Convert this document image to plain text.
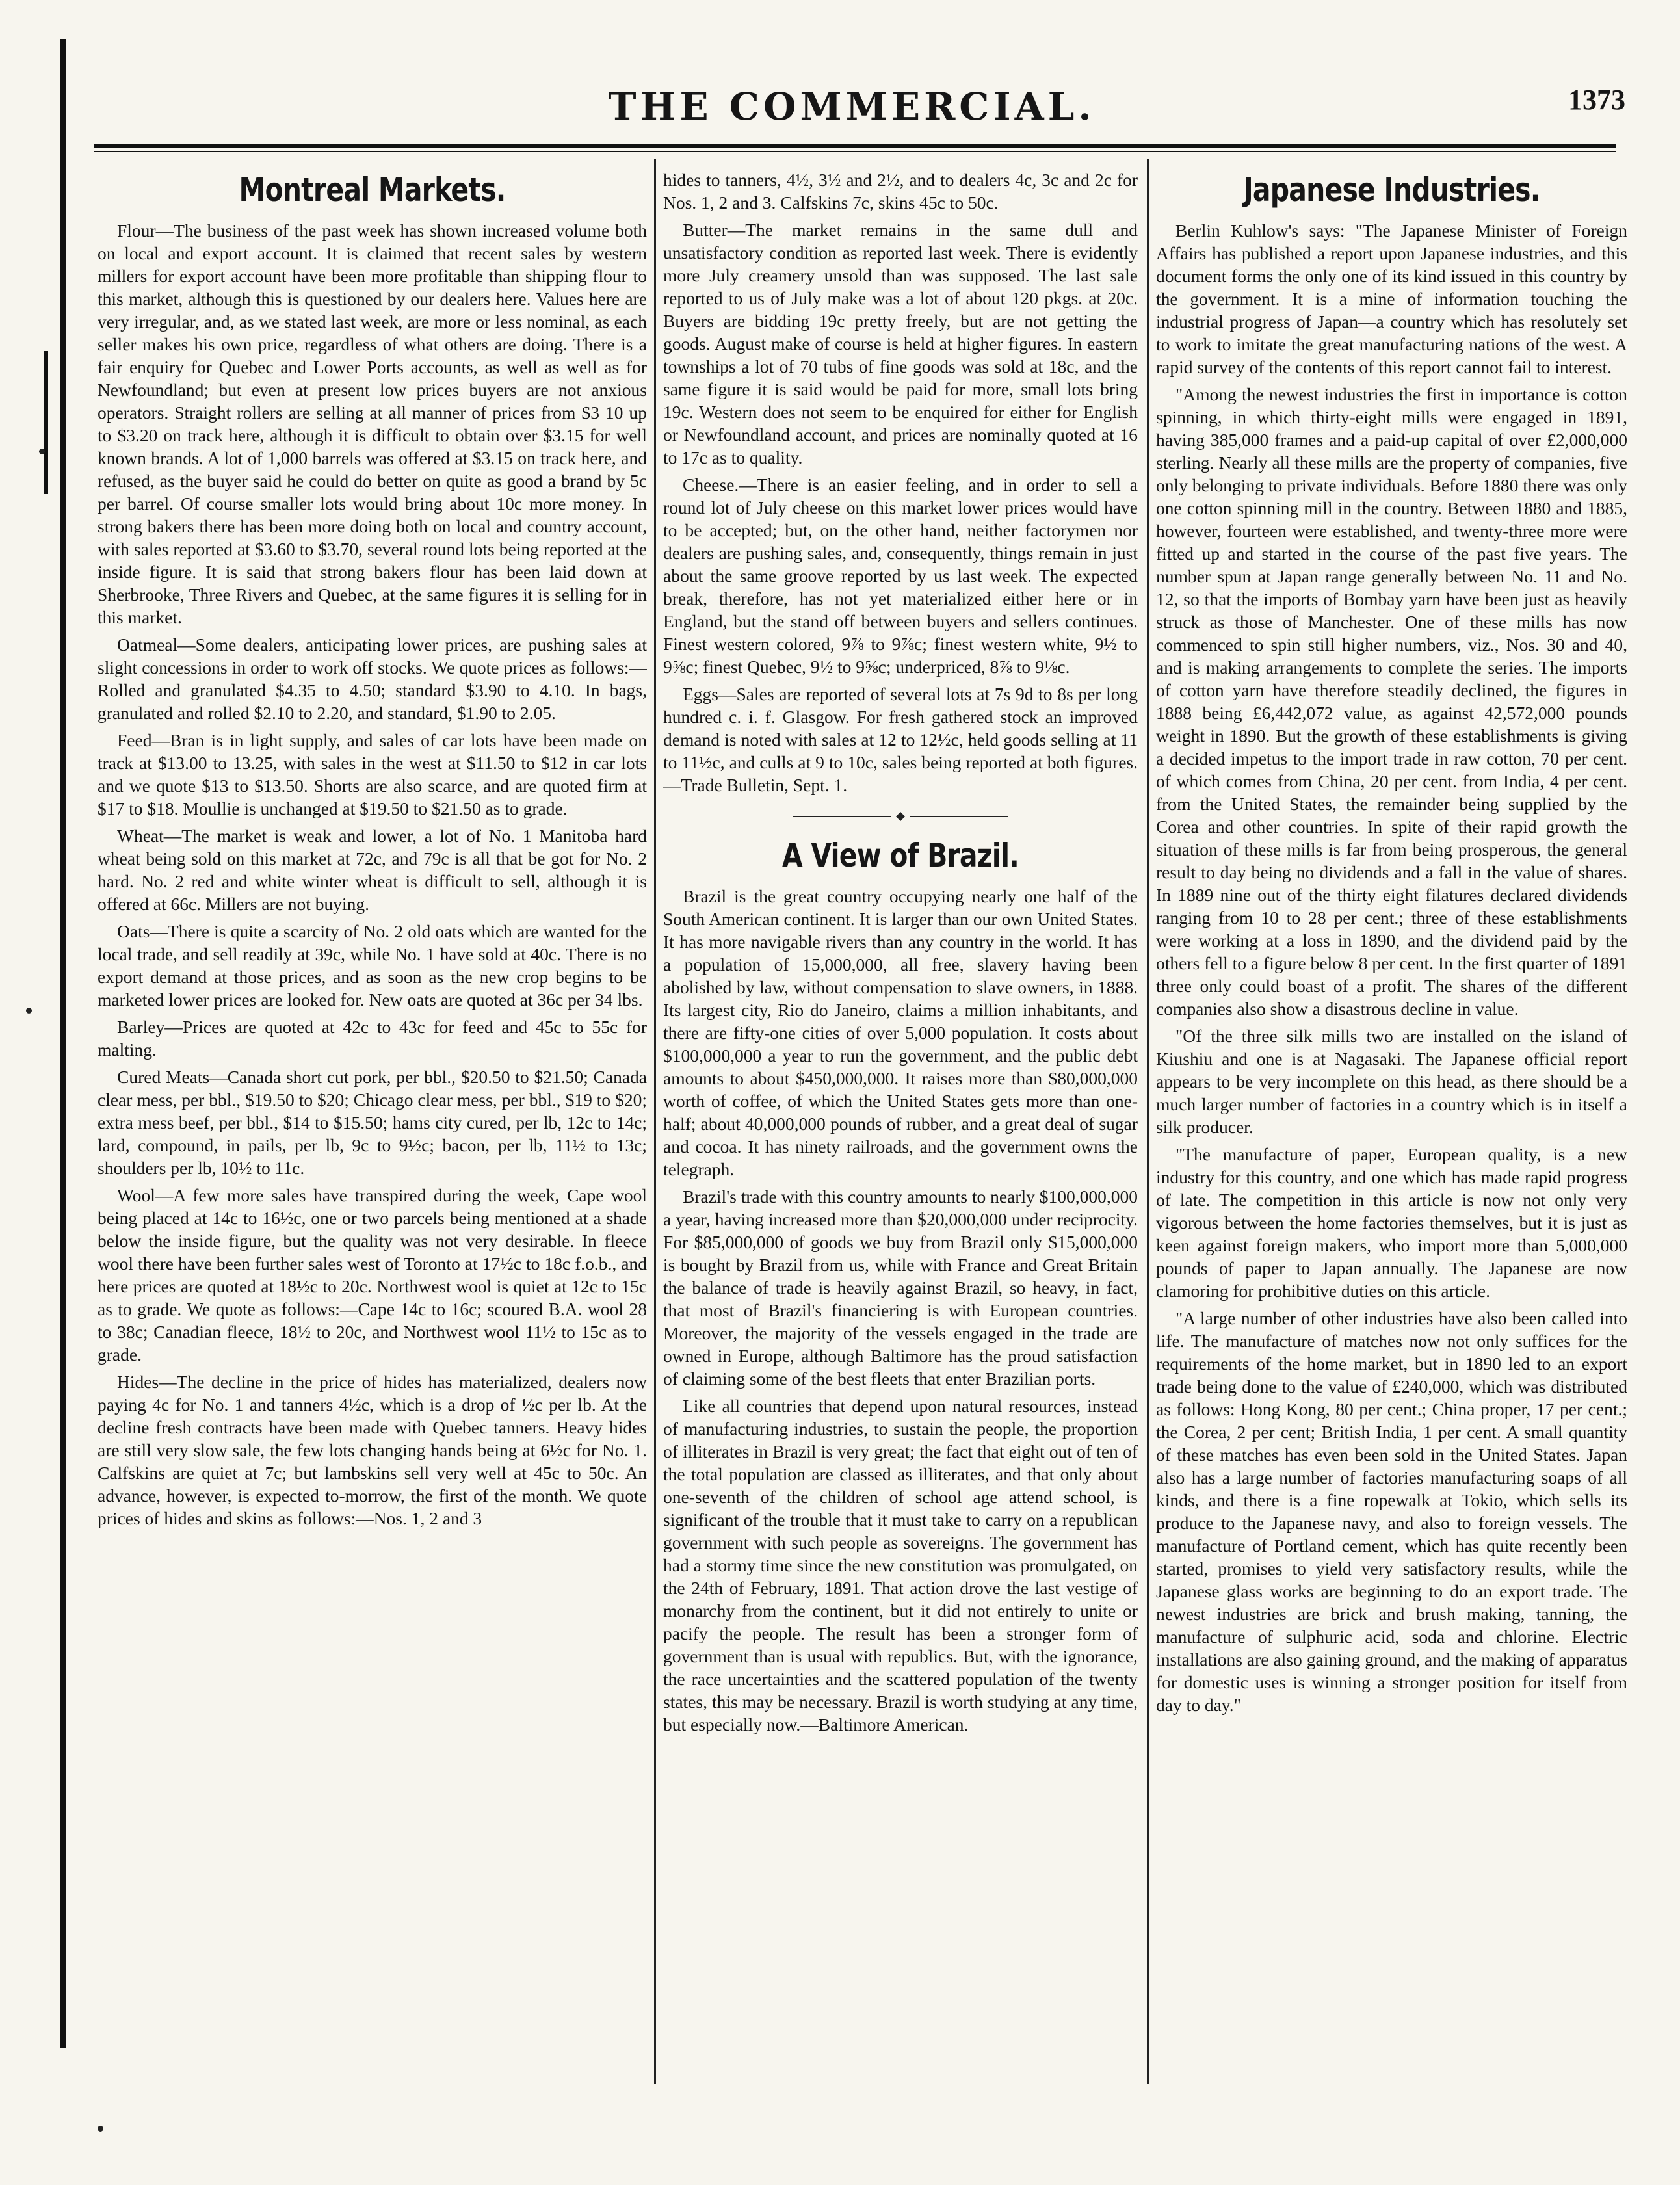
THE COMMERCIAL.	1373
Montreal Markets.

Flour—The business of the past week has shown increased volume both on local and export account. It is claimed that recent sales by western millers for export account have been more profitable than shipping flour to this market, although this is questioned by our dealers here. Values here are very irregular, and, as we stated last week, are more or less nominal, as each seller makes his own price, regardless of what others are doing. There is a fair enquiry for Quebec and Lower Ports accounts, as well as well as for Newfoundland; but even at present low prices buyers are not anxious operators. Straight rollers are selling at all manner of prices from $3 10 up to $3.20 on track here, although it is difficult to obtain over $3.15 for well known brands. A lot of 1,000 barrels was offered at $3.15 on track here, and refused, as the buyer said he could do better on quite as good a brand by 5c per barrel. Of course smaller lots would bring about 10c more money. In strong bakers there has been more doing both on local and country account, with sales reported at $3.60 to $3.70, several round lots being reported at the inside figure. It is said that strong bakers flour has been laid down at Sherbrooke, Three Rivers and Quebec, at the same figures it is selling for in this market.

Oatmeal—Some dealers, anticipating lower prices, are pushing sales at slight concessions in order to work off stocks. We quote prices as follows:—Rolled and granulated $4.35 to 4.50; standard $3.90 to 4.10. In bags, granulated and rolled $2.10 to 2.20, and standard, $1.90 to 2.05.

Feed—Bran is in light supply, and sales of car lots have been made on track at $13.00 to 13.25, with sales in the west at $11.50 to $12 in car lots and we quote $13 to $13.50. Shorts are also scarce, and are quoted firm at $17 to $18. Moullie is unchanged at $19.50 to $21.50 as to grade.

Wheat—The market is weak and lower, a lot of No. 1 Manitoba hard wheat being sold on this market at 72c, and 79c is all that be got for No. 2 hard. No. 2 red and white winter wheat is difficult to sell, although it is offered at 66c. Millers are not buying.

Oats—There is quite a scarcity of No. 2 old oats which are wanted for the local trade, and sell readily at 39c, while No. 1 have sold at 40c. There is no export demand at those prices, and as soon as the new crop begins to be marketed lower prices are looked for. New oats are quoted at 36c per 34 lbs.

Barley—Prices are quoted at 42c to 43c for feed and 45c to 55c for malting.

Cured Meats—Canada short cut pork, per bbl., $20.50 to $21.50; Canada clear mess, per bbl., $19.50 to $20; Chicago clear mess, per bbl., $19 to $20; extra mess beef, per bbl., $14 to $15.50; hams city cured, per lb, 12c to 14c; lard, compound, in pails, per lb, 9c to 9½c; bacon, per lb, 11½ to 13c; shoulders per lb, 10½ to 11c.

Wool—A few more sales have transpired during the week, Cape wool being placed at 14c to 16½c, one or two parcels being mentioned at a shade below the inside figure, but the quality was not very desirable. In fleece wool there have been further sales west of Toronto at 17½c to 18c f.o.b., and here prices are quoted at 18½c to 20c. Northwest wool is quiet at 12c to 15c as to grade. We quote as follows:—Cape 14c to 16c; scoured B.A. wool 28 to 38c; Canadian fleece, 18½ to 20c, and Northwest wool 11½ to 15c as to grade.

Hides—The decline in the price of hides has materialized, dealers now paying 4c for No. 1 and tanners 4½c, which is a drop of ½c per lb. At the decline fresh contracts have been made with Quebec tanners. Heavy hides are still very slow sale, the few lots changing hands being at 6½c for No. 1. Calfskins are quiet at 7c; but lambskins sell very well at 45c to 50c. An advance, however, is expected to-morrow, the first of the month. We quote prices of hides and skins as follows:—Nos. 1, 2 and 3

hides to tanners, 4½, 3½ and 2½, and to dealers 4c, 3c and 2c for Nos. 1, 2 and 3. Calfskins 7c, skins 45c to 50c.

Butter—The market remains in the same dull and unsatisfactory condition as reported last week. There is evidently more July creamery unsold than was supposed. The last sale reported to us of July make was a lot of about 120 pkgs. at 20c. Buyers are bidding 19c pretty freely, but are not getting the goods. August make of course is held at higher figures. In eastern townships a lot of 70 tubs of fine goods was sold at 18c, and the same figure it is said would be paid for more, small lots bring 19c. Western does not seem to be enquired for either for English or Newfoundland account, and prices are nominally quoted at 16 to 17c as to quality.

Cheese.—There is an easier feeling, and in order to sell a round lot of July cheese on this market lower prices would have to be accepted; but, on the other hand, neither factorymen nor dealers are pushing sales, and, consequently, things remain in just about the same groove reported by us last week. The expected break, therefore, has not yet materialized either here or in England, but the stand off between buyers and sellers continues. Finest western colored, 9⅞ to 9⅞c; finest western white, 9½ to 9⅝c; finest Quebec, 9½ to 9⅝c; underpriced, 8⅞ to 9⅛c.

Eggs—Sales are reported of several lots at 7s 9d to 8s per long hundred c. i. f. Glasgow. For fresh gathered stock an improved demand is noted with sales at 12 to 12½c, held goods selling at 11 to 11½c, and culls at 9 to 10c, sales being reported at both figures.—Trade Bulletin, Sept. 1.

A View of Brazil.

Brazil is the great country occupying nearly one half of the South American continent. It is larger than our own United States. It has more navigable rivers than any country in the world. It has a population of 15,000,000, all free, slavery having been abolished by law, without compensation to slave owners, in 1888. Its largest city, Rio do Janeiro, claims a million inhabitants, and there are fifty-one cities of over 5,000 population. It costs about $100,000,000 a year to run the government, and the public debt amounts to about $450,000,000. It raises more than $80,000,000 worth of coffee, of which the United States gets more than one-half; about 40,000,000 pounds of rubber, and a great deal of sugar and cocoa. It has ninety railroads, and the government owns the telegraph.

Brazil's trade with this country amounts to nearly $100,000,000 a year, having increased more than $20,000,000 under reciprocity. For $85,000,000 of goods we buy from Brazil only $15,000,000 is bought by Brazil from us, while with France and Great Britain the balance of trade is heavily against Brazil, so heavy, in fact, that most of Brazil's financiering is with European countries. Moreover, the majority of the vessels engaged in the trade are owned in Europe, although Baltimore has the proud satisfaction of claiming some of the best fleets that enter Brazilian ports.

Like all countries that depend upon natural resources, instead of manufacturing industries, to sustain the people, the proportion of illiterates in Brazil is very great; the fact that eight out of ten of the total population are classed as illiterates, and that only about one-seventh of the children of school age attend school, is significant of the trouble that it must take to carry on a republican government with such people as sovereigns. The government has had a stormy time since the new constitution was promulgated, on the 24th of February, 1891. That action drove the last vestige of monarchy from the continent, but it did not entirely to unite or pacify the people. The result has been a stronger form of government than is usual with republics. But, with the ignorance, the race uncertainties and the scattered population of the twenty states, this may be necessary. Brazil is worth studying at any time, but especially now.—Baltimore American.

Japanese Industries.

Berlin Kuhlow's says: "The Japanese Minister of Foreign Affairs has published a report upon Japanese industries, and this document forms the only one of its kind issued in this country by the government. It is a mine of information touching the industrial progress of Japan—a country which has resolutely set to work to imitate the great manufacturing nations of the west. A rapid survey of the contents of this report cannot fail to interest.

"Among the newest industries the first in importance is cotton spinning, in which thirty-eight mills were engaged in 1891, having 385,000 frames and a paid-up capital of over £2,000,000 sterling. Nearly all these mills are the property of companies, five only belonging to private individuals. Before 1880 there was only one cotton spinning mill in the country. Between 1880 and 1885, however, fourteen were established, and twenty-three more were fitted up and started in the course of the past five years. The number spun at Japan range generally between No. 11 and No. 12, so that the imports of Bombay yarn have been just as heavily struck as those of Manchester. One of these mills has now commenced to spin still higher numbers, viz., Nos. 30 and 40, and is making arrangements to complete the series. The imports of cotton yarn have therefore steadily declined, the figures in 1888 being £6,442,072 value, as against 42,572,000 pounds weight in 1890. But the growth of these establishments is giving a decided impetus to the import trade in raw cotton, 70 per cent. of which comes from China, 20 per cent. from India, 4 per cent. from the United States, the remainder being supplied by the Corea and other countries. In spite of their rapid growth the situation of these mills is far from being prosperous, the general result to day being no dividends and a fall in the value of shares. In 1889 nine out of the thirty eight filatures declared dividends ranging from 10 to 28 per cent.; three of these establishments were working at a loss in 1890, and the dividend paid by the others fell to a figure below 8 per cent. In the first quarter of 1891 three only could boast of a profit. The shares of the different companies also show a disastrous decline in value.

"Of the three silk mills two are installed on the island of Kiushiu and one is at Nagasaki. The Japanese official report appears to be very incomplete on this head, as there should be a much larger number of factories in a country which is in itself a silk producer.

"The manufacture of paper, European quality, is a new industry for this country, and one which has made rapid progress of late. The competition in this article is now not only very vigorous between the home factories themselves, but it is just as keen against foreign makers, who import more than 5,000,000 pounds of paper to Japan annually. The Japanese are now clamoring for prohibitive duties on this article.

"A large number of other industries have also been called into life. The manufacture of matches now not only suffices for the requirements of the home market, but in 1890 led to an export trade being done to the value of £240,000, which was distributed as follows: Hong Kong, 80 per cent.; China proper, 17 per cent.; the Corea, 2 per cent; British India, 1 per cent. A small quantity of these matches has even been sold in the United States. Japan also has a large number of factories manufacturing soaps of all kinds, and there is a fine ropewalk at Tokio, which sells its produce to the Japanese navy, and also to foreign vessels. The manufacture of Portland cement, which has quite recently been started, promises to yield very satisfactory results, while the Japanese glass works are beginning to do an export trade. The newest industries are brick and brush making, tanning, the manufacture of sulphuric acid, soda and chlorine. Electric installations are also gaining ground, and the making of apparatus for domestic uses is winning a stronger position for itself from day to day."
